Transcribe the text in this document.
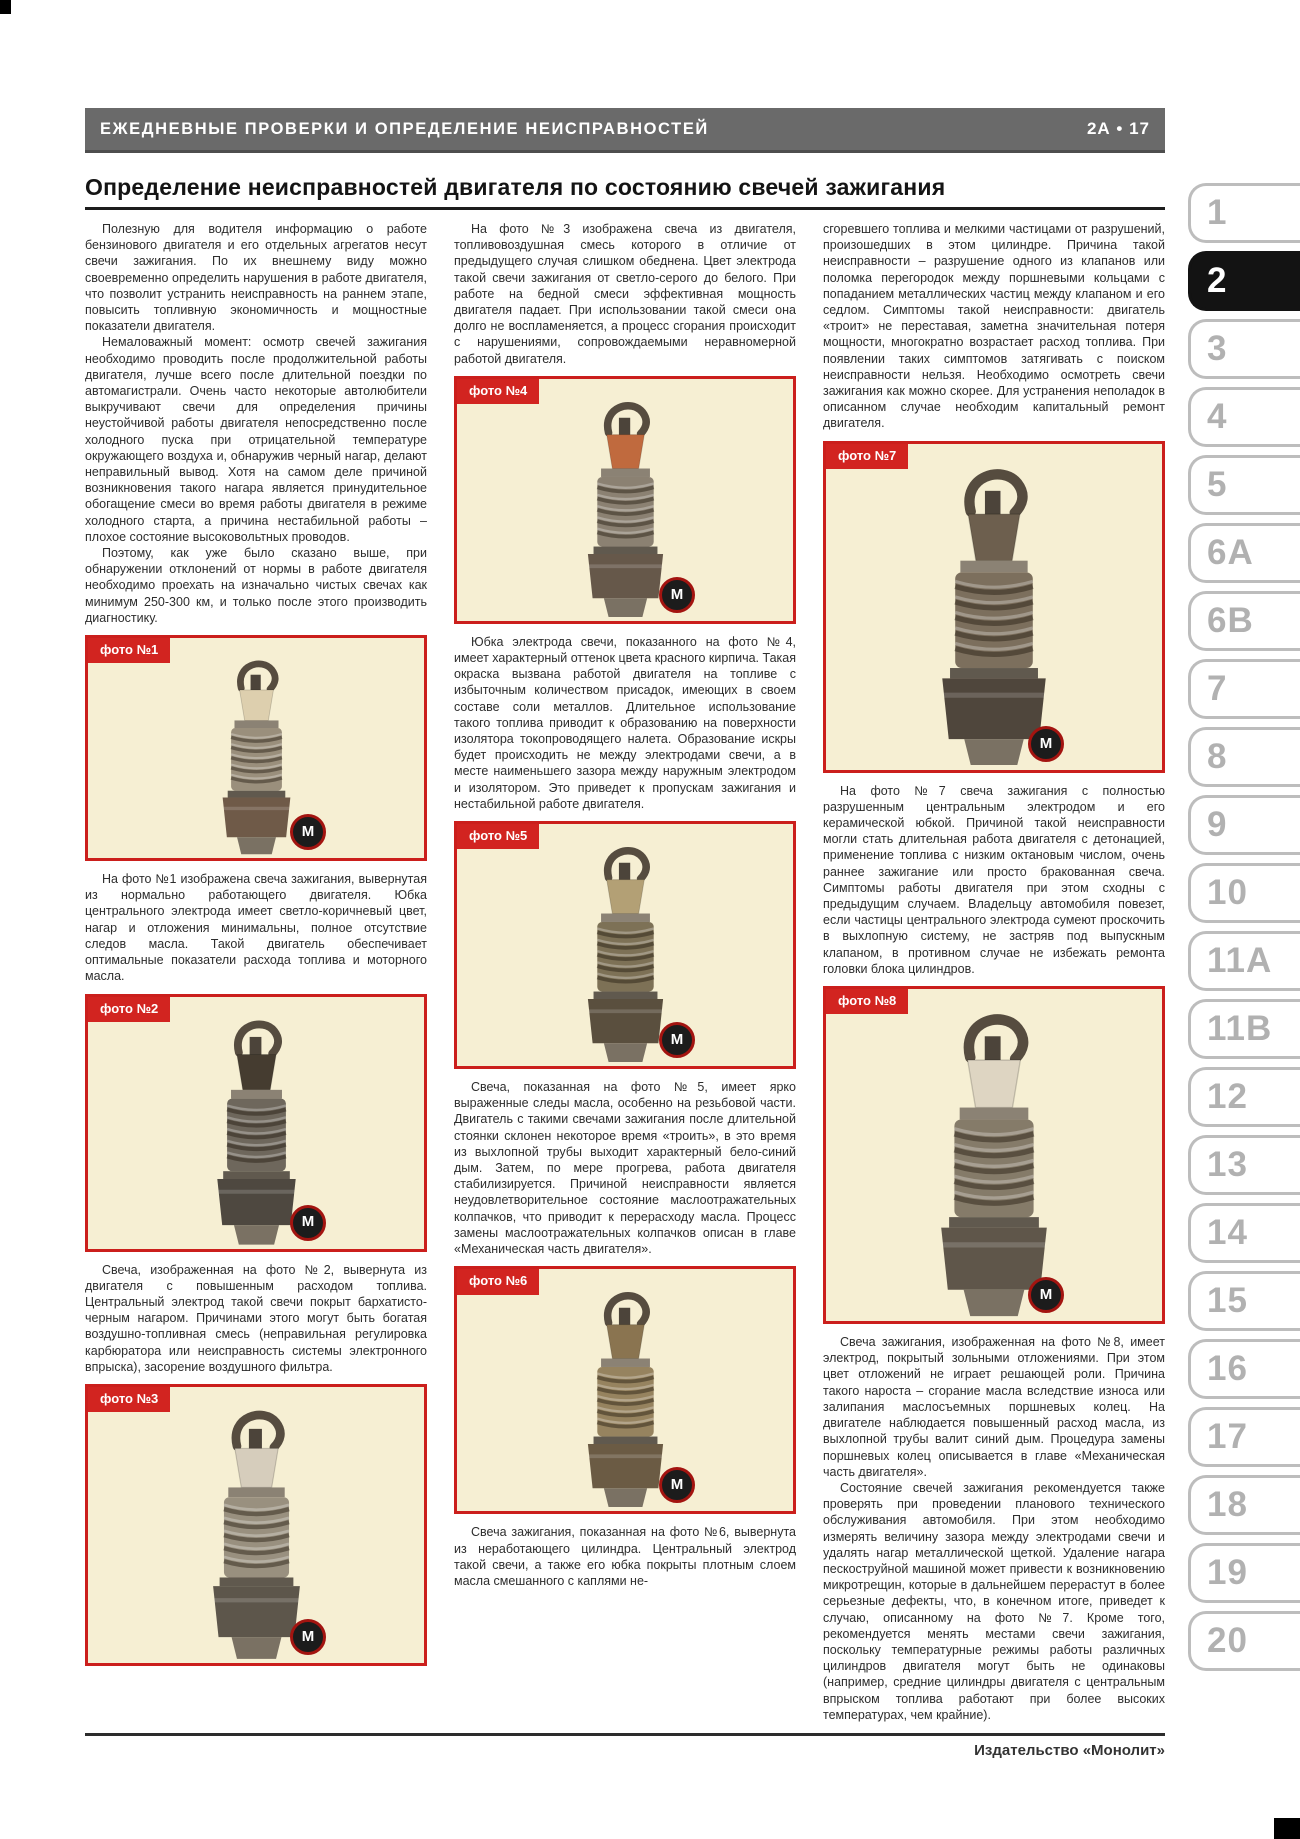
ЕЖЕДНЕВНЫЕ ПРОВЕРКИ И ОПРЕДЕЛЕНИЕ НЕИСПРАВНОСТЕЙ	2А • 17
Определение неисправностей двигателя по состоянию свечей зажигания

Полезную для водителя информацию о работе бензинового двигателя и его отдельных агрегатов несут свечи зажигания. По их внешнему виду можно своевременно определить нарушения в работе двигателя, что позволит устранить неисправность на раннем этапе, повысить топливную экономичность и мощностные показатели двигателя.

Немаловажный момент: осмотр свечей зажигания необходимо проводить после продолжительной работы двигателя, лучше всего после длительной поездки по автомагистрали. Очень часто некоторые автолюбители выкручивают свечи для определения причины неустойчивой работы двигателя непосредственно после холодного пуска при отрицательной температуре окружающего воздуха и, обнаружив черный нагар, делают неправильный вывод. Хотя на самом деле причиной возникновения такого нагара является принудительное обогащение смеси во время работы двигателя в режиме холодного старта, а причина нестабильной работы – плохое состояние высоковольтных проводов.

Поэтому, как уже было сказано выше, при обнаружении отклонений от нормы в работе двигателя необходимо проехать на изначально чистых свечах как минимум 250-300 км, и только после этого производить диагностику.

фото №1
М

На фото №1 изображена свеча зажигания, вывернутая из нормально работающего двигателя. Юбка центрального электрода имеет светло-коричневый цвет, нагар и отложения минимальны, полное отсутствие следов масла. Такой двигатель обеспечивает оптимальные показатели расхода топлива и моторного масла.

фото №2
М

Свеча, изображенная на фото №2, вывернута из двигателя с повышенным расходом топлива. Центральный электрод такой свечи покрыт бархатисто-черным нагаром. Причинами этого могут быть богатая воздушно-топливная смесь (неправильная регулировка карбюратора или неисправность системы электронного впрыска), засорение воздушного фильтра.

фото №3
М

На фото №3 изображена свеча из двигателя, топливовоздушная смесь которого в отличие от предыдущего случая слишком обеднена. Цвет электрода такой свечи зажигания от светло-серого до белого. При работе на бедной смеси эффективная мощность двигателя падает. При использовании такой смеси она долго не воспламеняется, а процесс сгорания происходит с нарушениями, сопровождаемыми неравномерной работой двигателя.

фото №4
М

Юбка электрода свечи, показанного на фото №4, имеет характерный оттенок цвета красного кирпича. Такая окраска вызвана работой двигателя на топливе с избыточным количеством присадок, имеющих в своем составе соли металлов. Длительное использование такого топлива приводит к образованию на поверхности изолятора токопроводящего налета. Образование искры будет происходить не между электродами свечи, а в месте наименьшего зазора между наружным электродом и изолятором. Это приведет к пропускам зажигания и нестабильной работе двигателя.

фото №5
М

Свеча, показанная на фото №5, имеет ярко выраженные следы масла, особенно на резьбовой части. Двигатель с такими свечами зажигания после длительной стоянки склонен некоторое время «троить», в это время из выхлопной трубы выходит характерный бело-синий дым. Затем, по мере прогрева, работа двигателя стабилизируется. Причиной неисправности является неудовлетворительное состояние маслоотражательных колпачков, что приводит к перерасходу масла. Процесс замены маслоотражательных колпачков описан в главе «Механическая часть двигателя».

фото №6
М

Свеча зажигания, показанная на фото №6, вывернута из неработающего цилиндра. Центральный электрод такой свечи, а также его юбка покрыты плотным слоем масла смешанного с каплями не-

сгоревшего топлива и мелкими частицами от разрушений, произошедших в этом цилиндре. Причина такой неисправности – разрушение одного из клапанов или поломка перегородок между поршневыми кольцами с попаданием металлических частиц между клапаном и его седлом. Симптомы такой неисправности: двигатель «троит» не переставая, заметна значительная потеря мощности, многократно возрастает расход топлива. При появлении таких симптомов затягивать с поиском неисправности нельзя. Необходимо осмотреть свечи зажигания как можно скорее. Для устранения неполадок в описанном случае необходим капитальный ремонт двигателя.

фото №7
М

На фото №7 свеча зажигания с полностью разрушенным центральным электродом и его керамической юбкой. Причиной такой неисправности могли стать длительная работа двигателя с детонацией, применение топлива с низким октановым числом, очень раннее зажигание или просто бракованная свеча. Симптомы работы двигателя при этом сходны с предыдущим случаем. Владельцу автомобиля повезет, если частицы центрального электрода сумеют проскочить в выхлопную систему, не застряв под выпускным клапаном, в противном случае не избежать ремонта головки блока цилиндров.

фото №8
М

Свеча зажигания, изображенная на фото №8, имеет электрод, покрытый зольными отложениями. При этом цвет отложений не играет решающей роли. Причина такого нароста – сгорание масла вследствие износа или залипания маслосъемных поршневых колец. На двигателе наблюдается повышенный расход масла, из выхлопной трубы валит синий дым. Процедура замены поршневых колец описывается в главе «Механическая часть двигателя».

Состояние свечей зажигания рекомендуется также проверять при проведении планового технического обслуживания автомобиля. При этом необходимо измерять величину зазора между электродами свечи и удалять нагар металлической щеткой. Удаление нагара пескоструйной машиной может привести к возникновению микротрещин, которые в дальнейшем перерастут в более серьезные дефекты, что, в конечном итоге, приведет к случаю, описанному на фото №7. Кроме того, рекомендуется менять местами свечи зажигания, поскольку температурные режимы работы различных цилиндров двигателя могут быть не одинаковы (например, средние цилиндры двигателя с центральным впрыском топлива работают при более высоких температурах, чем крайние).

1
2
3
4
5
6А
6В
7
8
9
10
11А
11В
12
13
14
15
16
17
18
19
20
Издательство «Монолит»
